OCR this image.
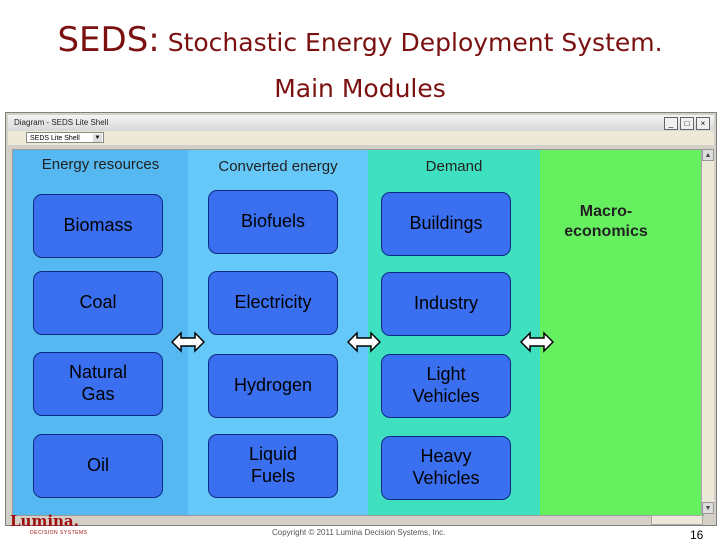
SEDS: Stochastic Energy Deployment System.
Main Modules
Diagram - SEDS Lite Shell	_	□	×
SEDS Lite Shell ▼
Energy resources	Converted energy	Demand
Biomass
Coal
Natural
Gas
Oil
Biofuels
Electricity
Hydrogen
Liquid
Fuels
Buildings
Industry
Light
Vehicles
Heavy
Vehicles
▲
▼
Macro-
economics
Lumina.
DECISION SYSTEMS	Copyright © 2011 Lumina Decision Systems, Inc.	16
